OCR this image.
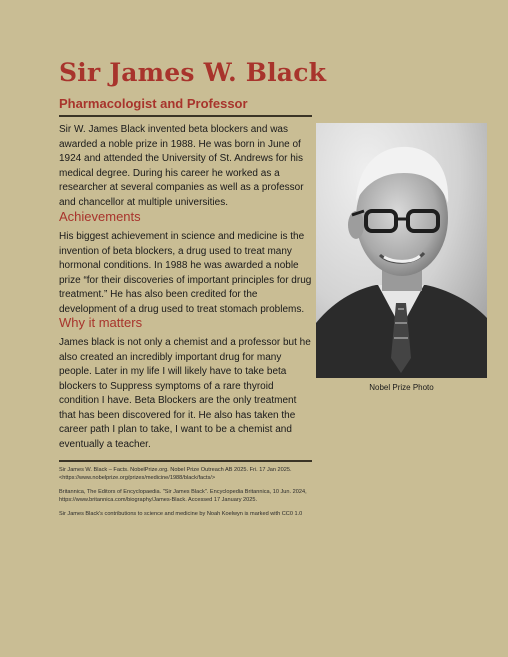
Sir James W. Black
Pharmacologist and Professor

Sir W. James Black invented beta blockers and was awarded a noble prize in 1988. He was born in June of 1924 and attended the University of St. Andrews for his medical degree. During his career he worked as a researcher at several companies as well as a professor and chancellor at multiple universities.

Achievements

His biggest achievement in science and medicine is the invention of beta blockers, a drug used to treat many hormonal conditions. In 1988 he was awarded a noble prize “for their discoveries of important principles for drug treatment.” He has also been credited for the development of a drug used to treat stomach problems.

Why it matters

James black is not only a chemist and a professor but he also created an incredibly important drug for many people. Later in my life I will likely have to take beta blockers to Suppress symptoms of a rare thyroid condition I have. Beta Blockers are the only treatment that has been discovered for it. He also has taken the career path I plan to take, I want to be a chemist and eventually a teacher.

Nobel Prize Photo

Sir James W. Black – Facts. NobelPrize.org. Nobel Prize Outreach AB 2025. Fri. 17 Jan 2025. <https://www.nobelprize.org/prizes/medicine/1988/black/facts/>

Britannica, The Editors of Encyclopaedia. "Sir James Black". Encyclopedia Britannica, 10 Jun. 2024, https://www.britannica.com/biography/James-Black. Accessed 17 January 2025.

Sir James Black's contributions to science and medicine by Noah Koelwyn is marked with CC0 1.0
